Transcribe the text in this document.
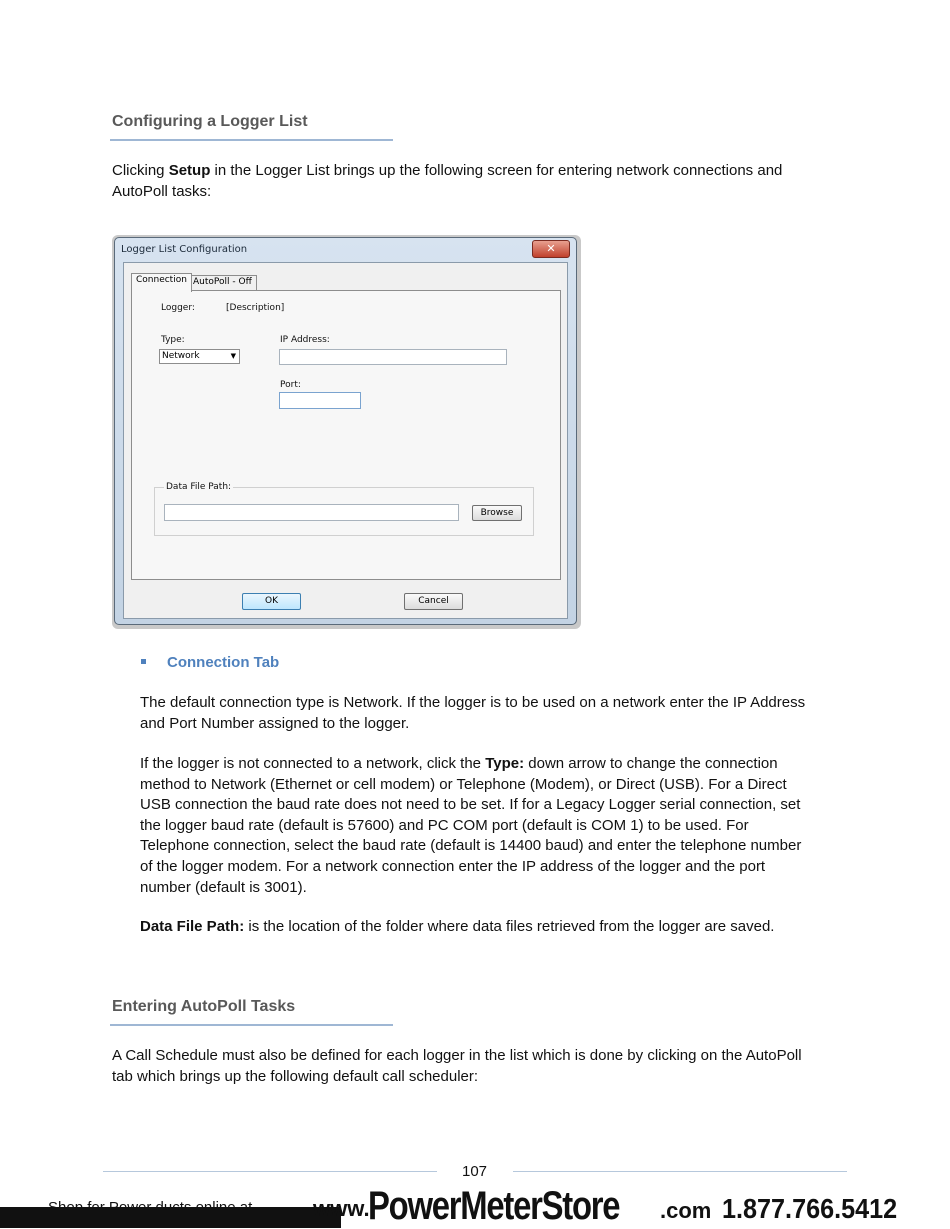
Configuring a Logger List
Clicking Setup in the Logger List brings up the following screen for entering network connections and
AutoPoll tasks:
Logger List Configuration	✕
Connection AutoPoll - Off
Logger:	[Description]
Type:
Network	▼
IP Address:
Port:
Data File Path:
Browse
OK	Cancel
Connection Tab
The default connection type is Network. If the logger is to be used on a network enter the IP Address
and Port Number assigned to the logger.
If the logger is not connected to a network, click the Type: down arrow to change the connection
method to Network (Ethernet or cell modem) or Telephone (Modem), or Direct (USB). For a Direct
USB connection the baud rate does not need to be set. If for a Legacy Logger serial connection, set
the logger baud rate (default is 57600) and PC COM port (default is COM 1) to be used. For
Telephone connection, select the baud rate (default is 14400 baud) and enter the telephone number
of the logger modem. For a network connection enter the IP address of the logger and the port
number (default is 3001).
Data File Path: is the location of the folder where data files retrieved from the logger are saved.
Entering AutoPoll Tasks
A Call Schedule must also be defined for each logger in the list which is done by clicking on the AutoPoll
tab which brings up the following default call scheduler:
107
www.
PowerMeterStore .com 1.877.766.5412
